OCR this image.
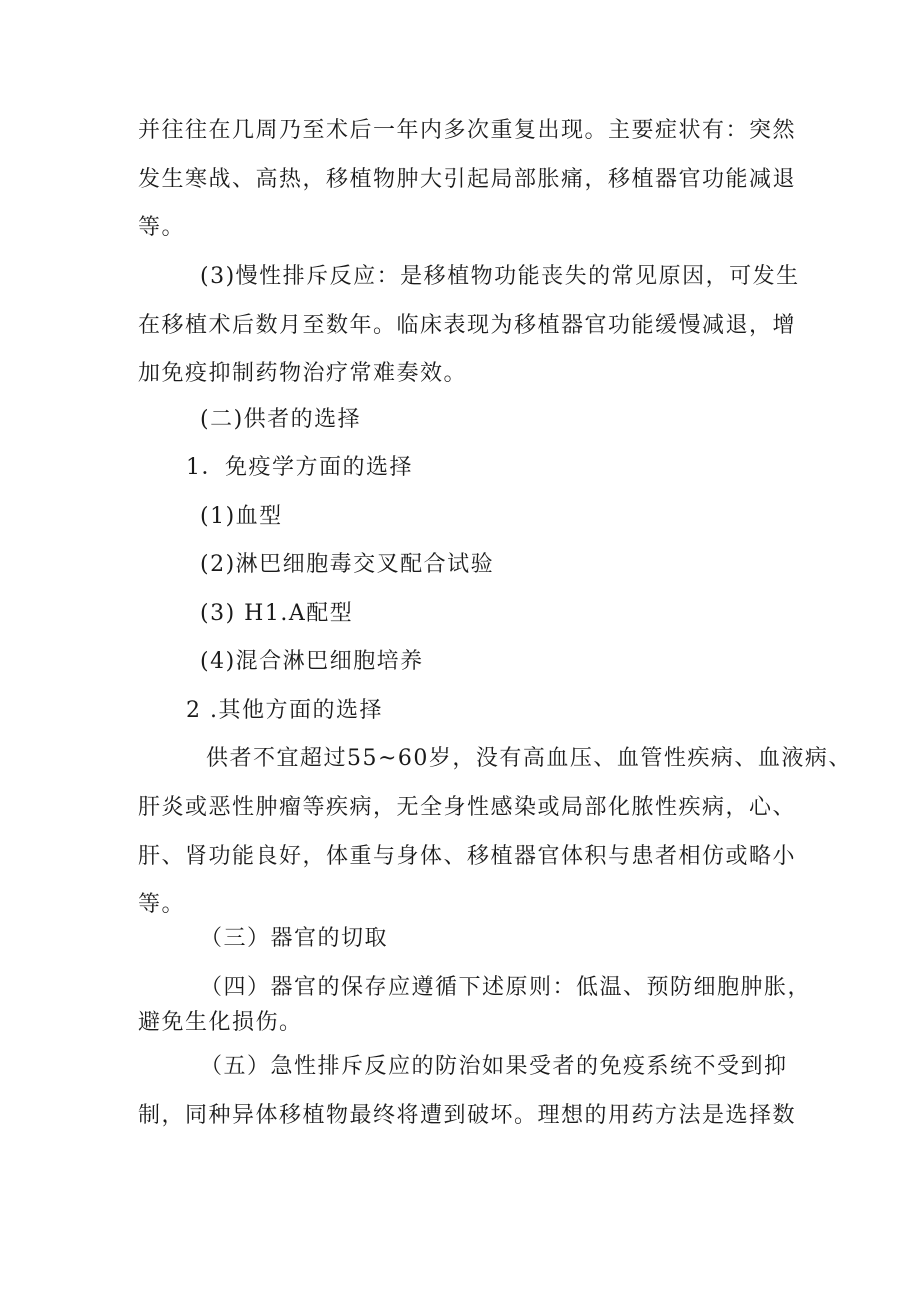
并往往在几周乃至术后一年内多次重复出现。主要症状有：突然
发生寒战、高热，移植物肿大引起局部胀痛，移植器官功能减退
等。
(3)慢性排斥反应：是移植物功能丧失的常见原因，可发生
在移植术后数月至数年。临床表现为移植器官功能缓慢减退，增
加免疫抑制药物治疗常难奏效。
(二)供者的选择
1．免疫学方面的选择
(1)血型
(2)淋巴细胞毒交叉配合试验
(3) H1.A配型
(4)混合淋巴细胞培养
2 .其他方面的选择
供者不宜超过55~60岁，没有高血压、血管性疾病、血液病、
肝炎或恶性肿瘤等疾病，无全身性感染或局部化脓性疾病，心、
肝、肾功能良好，体重与身体、移植器官体积与患者相仿或略小
等。
（三）器官的切取
（四）器官的保存应遵循下述原则：低温、预防细胞肿胀，
避免生化损伤。
（五）急性排斥反应的防治如果受者的免疫系统不受到抑
制，同种异体移植物最终将遭到破坏。理想的用药方法是选择数
